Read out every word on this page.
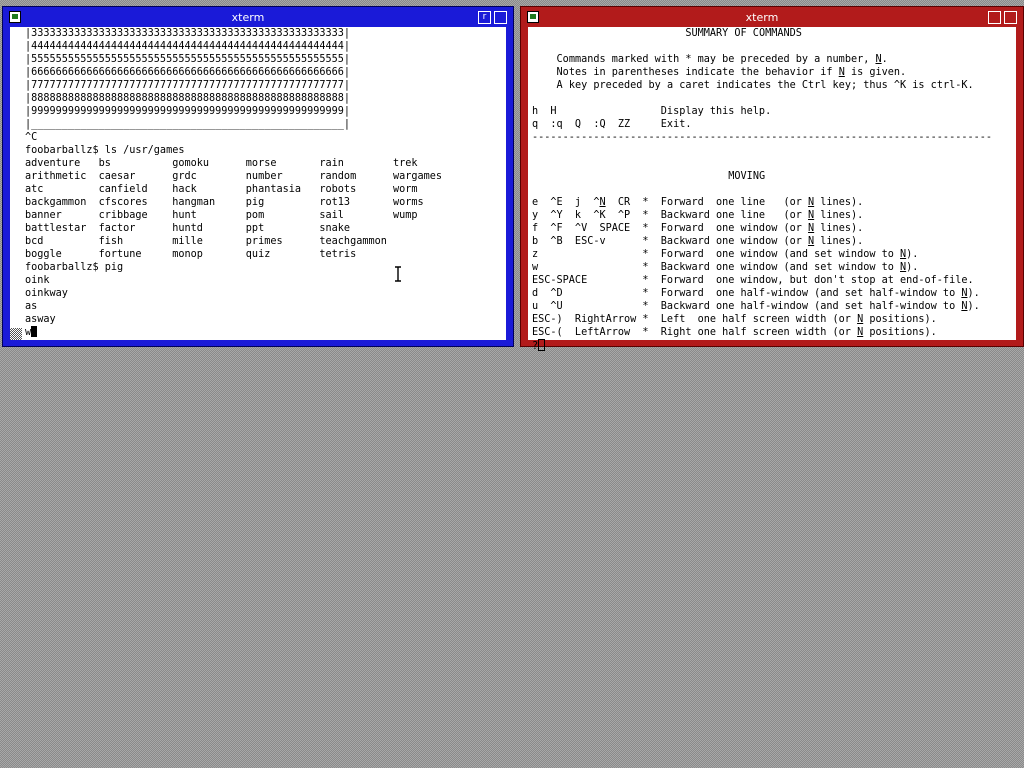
xterm	r
|333333333333333333333333333333333333333333333333333|
|444444444444444444444444444444444444444444444444444|
|555555555555555555555555555555555555555555555555555|
|666666666666666666666666666666666666666666666666666|
|777777777777777777777777777777777777777777777777777|
|888888888888888888888888888888888888888888888888888|
|999999999999999999999999999999999999999999999999999|
|___________________________________________________|
^C
foobarballz$ ls /usr/games
adventure   bs          gomoku      morse       rain        trek
arithmetic  caesar      grdc        number      random      wargames
atc         canfield    hack        phantasia   robots      worm
backgammon  cfscores    hangman     pig         rot13       worms
banner      cribbage    hunt        pom         sail        wump
battlestar  factor      huntd       ppt         snake
bcd         fish        mille       primes      teachgammon
boggle      fortune     monop       quiz        tetris
foobarballz$ pig
oink
oinkway
as
asway
w
xterm
SUMMARY OF COMMANDS

Commands marked with * may be preceded by a number, N.
Notes in parentheses indicate the behavior if N is given.
A key preceded by a caret indicates the Ctrl key; thus ^K is ctrl-K.

h  H                 Display this help.
q  :q  Q  :Q  ZZ     Exit.
---------------------------------------------------------------------------

MOVING

e  ^E  j  ^N  CR  *  Forward  one line   (or N lines).
y  ^Y  k  ^K  ^P  *  Backward one line   (or N lines).
f  ^F  ^V  SPACE  *  Forward  one window (or N lines).
b  ^B  ESC-v      *  Backward one window (or N lines).
z                 *  Forward  one window (and set window to N).
w                 *  Backward one window (and set window to N).
ESC-SPACE         *  Forward  one window, but don't stop at end-of-file.
d  ^D             *  Forward  one half-window (and set half-window to N).
u  ^U             *  Backward one half-window (and set half-window to N).
ESC-)  RightArrow *  Left  one half screen width (or N positions).
ESC-(  LeftArrow  *  Right one half screen width (or N positions).
?
